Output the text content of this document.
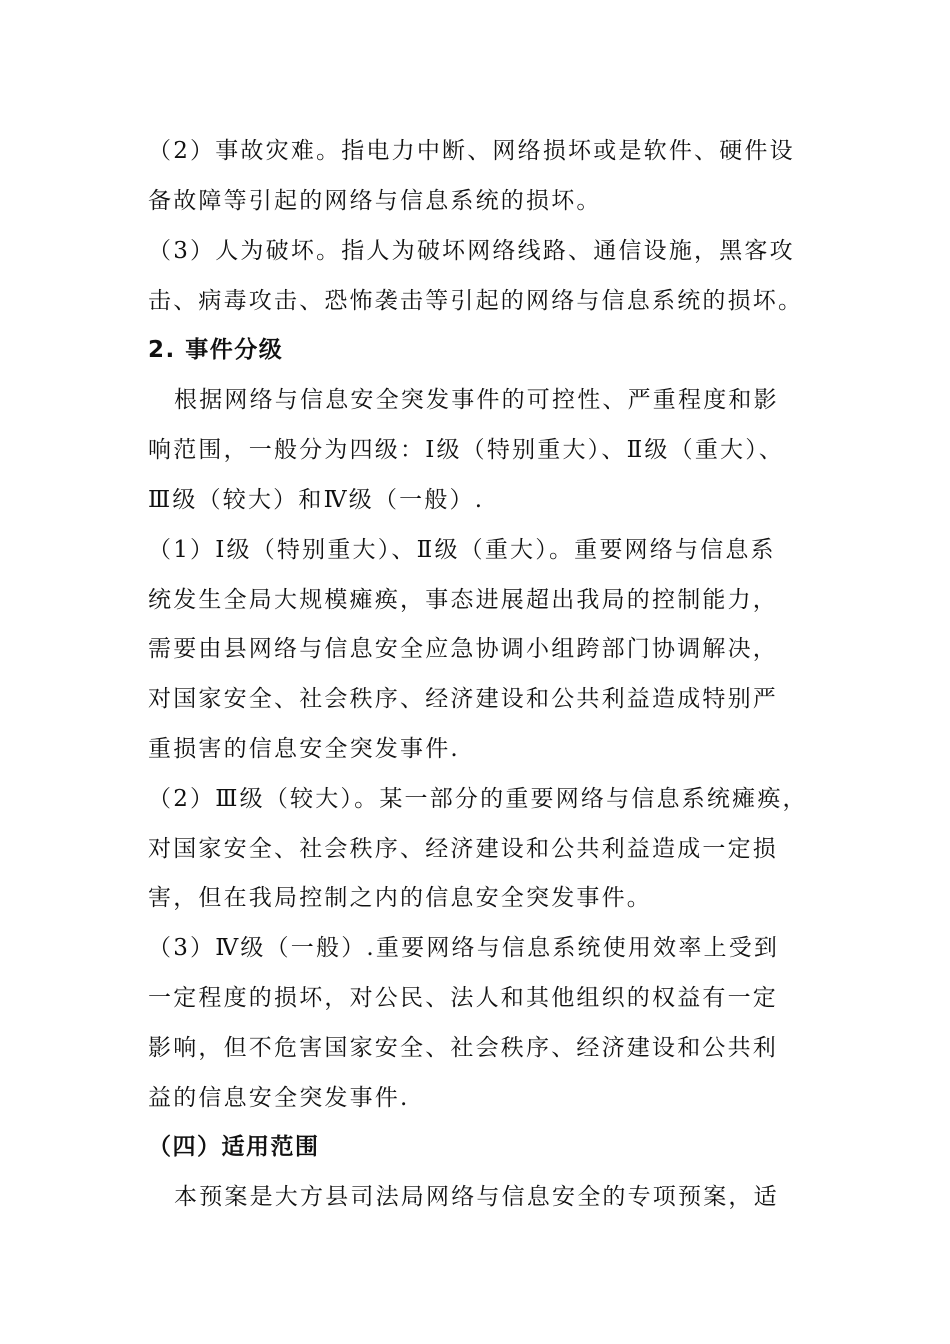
（2）事故灾难。指电力中断、网络损坏或是软件、硬件设
备故障等引起的网络与信息系统的损坏。
（3）人为破坏。指人为破坏网络线路、通信设施，黑客攻
击、病毒攻击、恐怖袭击等引起的网络与信息系统的损坏。
2. 事件分级
根据网络与信息安全突发事件的可控性、严重程度和影
响范围，一般分为四级：Ⅰ级（特别重大）、Ⅱ级（重大）、
Ⅲ级（较大）和Ⅳ级（一般）.
（1）Ⅰ级（特别重大）、Ⅱ级（重大）。重要网络与信息系
统发生全局大规模瘫痪，事态进展超出我局的控制能力，
需要由县网络与信息安全应急协调小组跨部门协调解决，
对国家安全、社会秩序、经济建设和公共利益造成特别严
重损害的信息安全突发事件.
（2）Ⅲ级（较大）。某一部分的重要网络与信息系统瘫痪，
对国家安全、社会秩序、经济建设和公共利益造成一定损
害，但在我局控制之内的信息安全突发事件。
（3）Ⅳ级（一般）.重要网络与信息系统使用效率上受到
一定程度的损坏，对公民、法人和其他组织的权益有一定
影响，但不危害国家安全、社会秩序、经济建设和公共利
益的信息安全突发事件.
（四）适用范围
本预案是大方县司法局网络与信息安全的专项预案，适
